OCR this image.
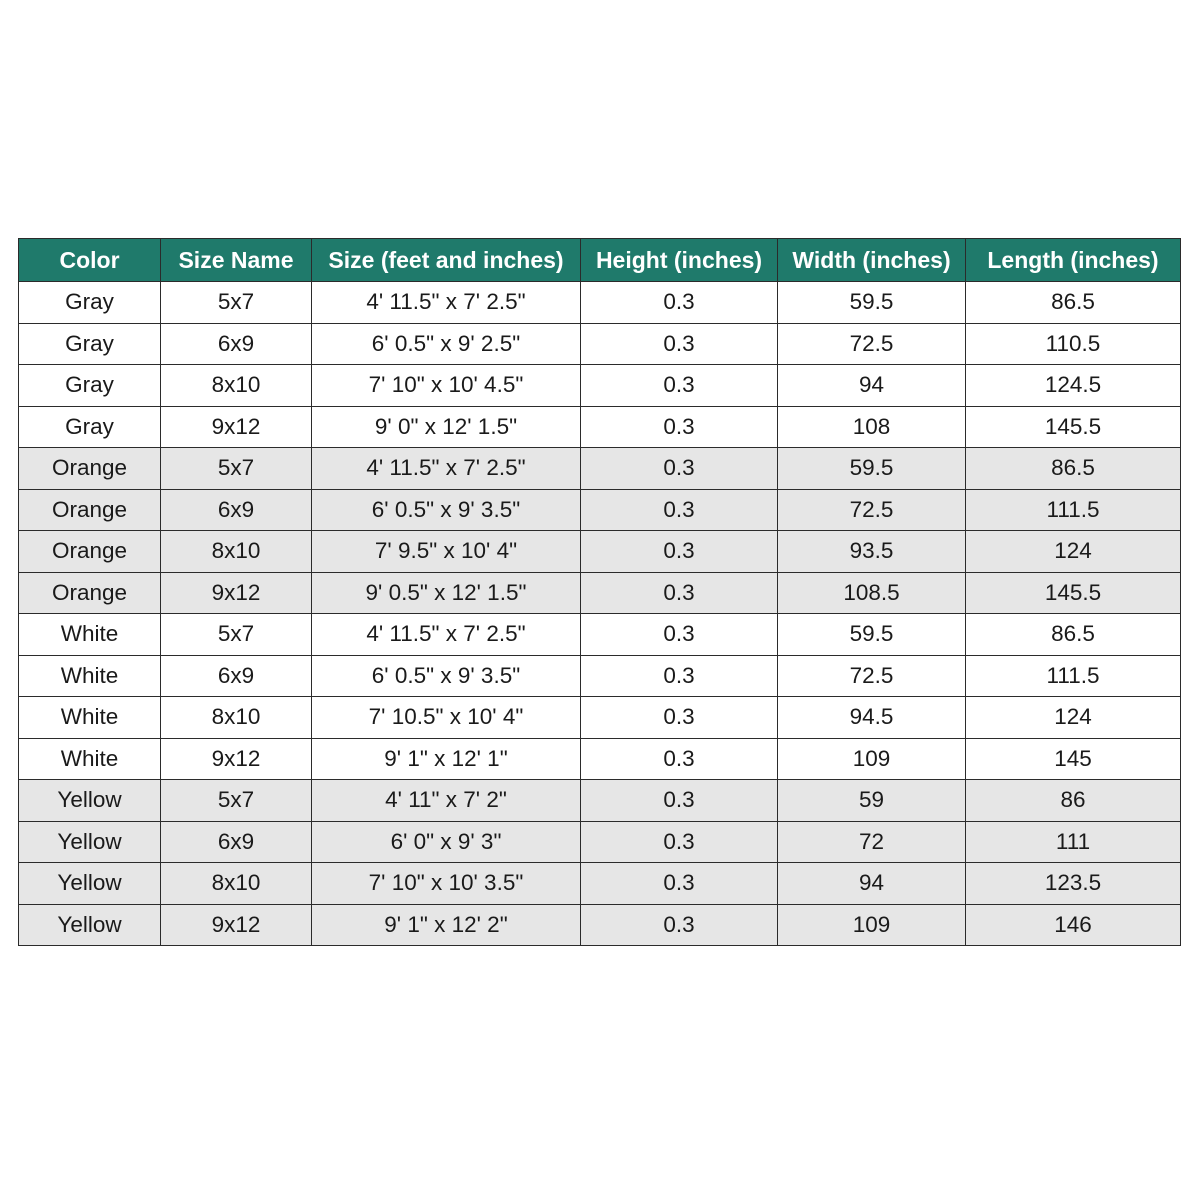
Color	Size Name	Size (feet and inches)	Height (inches)	Width (inches)	Length (inches)
Gray	5x7	4' 11.5" x 7' 2.5"	0.3	59.5	86.5
Gray	6x9	6' 0.5" x 9' 2.5"	0.3	72.5	110.5
Gray	8x10	7' 10" x 10' 4.5"	0.3	94	124.5
Gray	9x12	9' 0" x 12' 1.5"	0.3	108	145.5
Orange	5x7	4' 11.5" x 7' 2.5"	0.3	59.5	86.5
Orange	6x9	6' 0.5" x 9' 3.5"	0.3	72.5	111.5
Orange	8x10	7' 9.5" x 10' 4"	0.3	93.5	124
Orange	9x12	9' 0.5" x 12' 1.5"	0.3	108.5	145.5
White	5x7	4' 11.5" x 7' 2.5"	0.3	59.5	86.5
White	6x9	6' 0.5" x 9' 3.5"	0.3	72.5	111.5
White	8x10	7' 10.5" x 10' 4"	0.3	94.5	124
White	9x12	9' 1" x 12' 1"	0.3	109	145
Yellow	5x7	4' 11" x 7' 2"	0.3	59	86
Yellow	6x9	6' 0" x 9' 3"	0.3	72	111
Yellow	8x10	7' 10" x 10' 3.5"	0.3	94	123.5
Yellow	9x12	9' 1" x 12' 2"	0.3	109	146
